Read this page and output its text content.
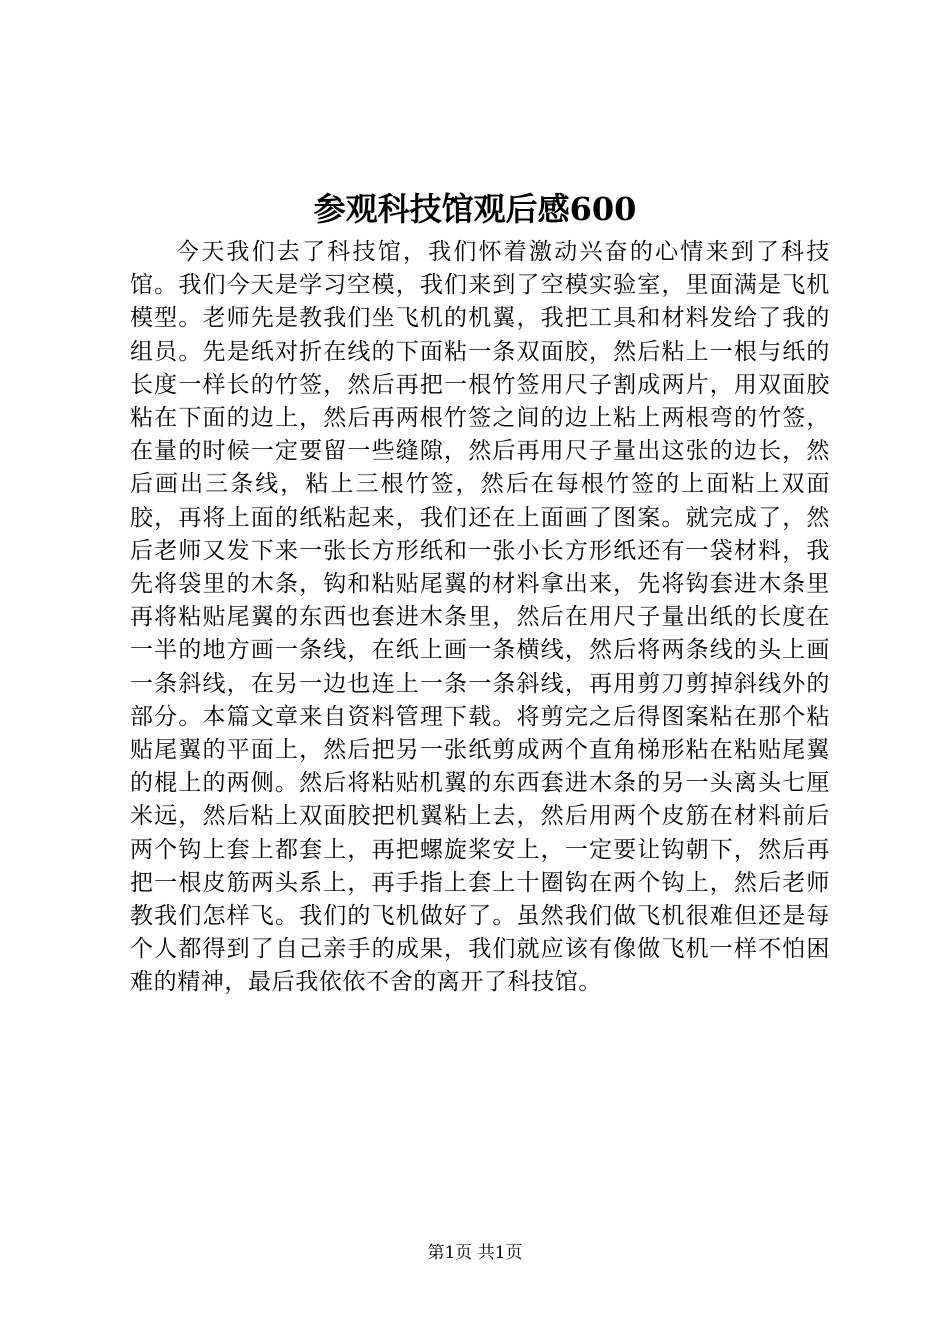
参观科技馆观后感600

今天我们去了科技馆，我们怀着激动兴奋的心情来到了科技馆。我们今天是学习空模，我们来到了空模实验室，里面满是飞机模型。老师先是教我们坐飞机的机翼，我把工具和材料发给了我的组员。先是纸对折在线的下面粘一条双面胶，然后粘上一根与纸的长度一样长的竹签，然后再把一根竹签用尺子割成两片，用双面胶粘在下面的边上，然后再两根竹签之间的边上粘上两根弯的竹签，在量的时候一定要留一些缝隙，然后再用尺子量出这张的边长，然后画出三条线，粘上三根竹签，然后在每根竹签的上面粘上双面胶，再将上面的纸粘起来，我们还在上面画了图案。就完成了，然后老师又发下来一张长方形纸和一张小长方形纸还有一袋材料，我先将袋里的木条，钩和粘贴尾翼的材料拿出来，先将钩套进木条里再将粘贴尾翼的东西也套进木条里，然后在用尺子量出纸的长度在一半的地方画一条线，在纸上画一条横线，然后将两条线的头上画一条斜线，在另一边也连上一条一条斜线，再用剪刀剪掉斜线外的部分。本篇文章来自资料管理下载。将剪完之后得图案粘在那个粘贴尾翼的平面上，然后把另一张纸剪成两个直角梯形粘在粘贴尾翼的棍上的两侧。然后将粘贴机翼的东西套进木条的另一头离头七厘米远，然后粘上双面胶把机翼粘上去，然后用两个皮筋在材料前后两个钩上套上都套上，再把螺旋桨安上，一定要让钩朝下，然后再把一根皮筋两头系上，再手指上套上十圈钩在两个钩上，然后老师教我们怎样飞。我们的飞机做好了。虽然我们做飞机很难但还是每个人都得到了自己亲手的成果，我们就应该有像做飞机一样不怕困难的精神，最后我依依不舍的离开了科技馆。

第1页 共1页
